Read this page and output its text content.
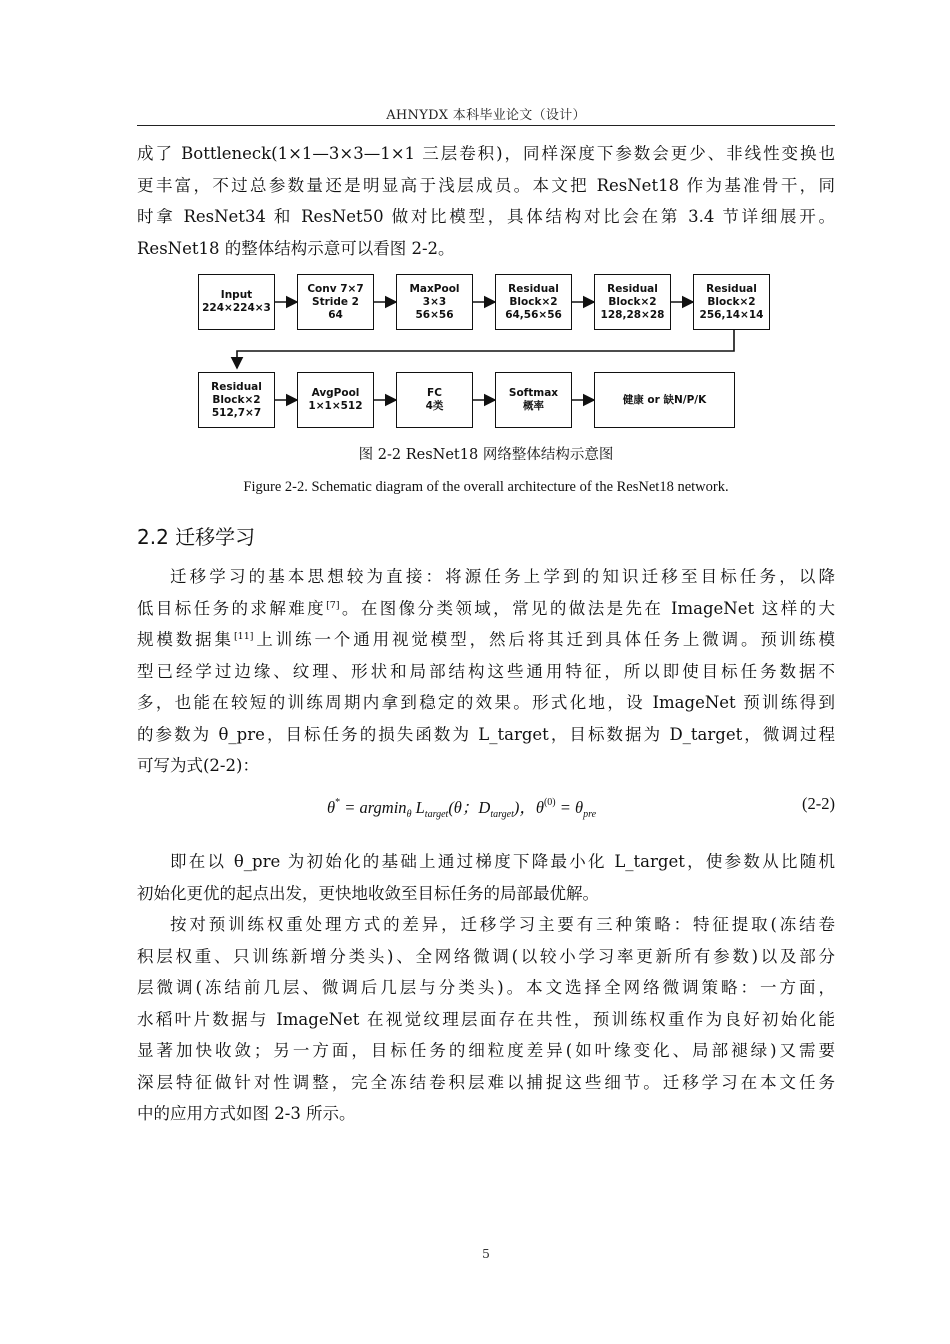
AHNYDX 本科毕业论文（设计）
成了 Bottleneck(1×1—3×3—1×1 三层卷积)，同样深度下参数会更少、非线性变换也
更丰富，不过总参数量还是明显高于浅层成员。本文把 ResNet18 作为基准骨干，同
时拿 ResNet34 和 ResNet50 做对比模型，具体结构对比会在第 3.4 节详细展开。
ResNet18 的整体结构示意可以看图 2-2。
Input
224×224×3
Conv 7×7
Stride 2
64
MaxPool
3×3
56×56
Residual
Block×2
64,56×56
Residual
Block×2
128,28×28
Residual
Block×2
256,14×14
Residual
Block×2
512,7×7
AvgPool
1×1×512
FC
4类
Softmax
概率
健康 or 缺N/P/K
图 2-2 ResNet18 网络整体结构示意图
Figure 2-2. Schematic diagram of the overall architecture of the ResNet18 network.
2.2 迁移学习
迁移学习的基本思想较为直接：将源任务上学到的知识迁移至目标任务，以降
低目标任务的求解难度[7]。在图像分类领域，常见的做法是先在 ImageNet 这样的大
规模数据集[11]上训练一个通用视觉模型，然后将其迁到具体任务上微调。预训练模
型已经学过边缘、纹理、形状和局部结构这些通用特征，所以即使目标任务数据不
多，也能在较短的训练周期内拿到稳定的效果。形式化地，设 ImageNet 预训练得到
的参数为 θ_pre，目标任务的损失函数为 L_target，目标数据为 D_target，微调过程
可写为式(2-2)：
θ* = argmin$_\theta$ $L_{target}(\theta$；$D_{target}$)，$\theta^{(0)} = \theta_{pre}$
(2-2)
即在以 θ_pre 为初始化的基础上通过梯度下降最小化 L_target，使参数从比随机
初始化更优的起点出发，更快地收敛至目标任务的局部最优解。
按对预训练权重处理方式的差异，迁移学习主要有三种策略：特征提取(冻结卷
积层权重、只训练新增分类头)、全网络微调(以较小学习率更新所有参数)以及部分
层微调(冻结前几层、微调后几层与分类头)。本文选择全网络微调策略：一方面，
水稻叶片数据与 ImageNet 在视觉纹理层面存在共性，预训练权重作为良好初始化能
显著加快收敛；另一方面，目标任务的细粒度差异(如叶缘变化、局部褪绿)又需要
深层特征做针对性调整，完全冻结卷积层难以捕捉这些细节。迁移学习在本文任务
中的应用方式如图 2-3 所示。
5
